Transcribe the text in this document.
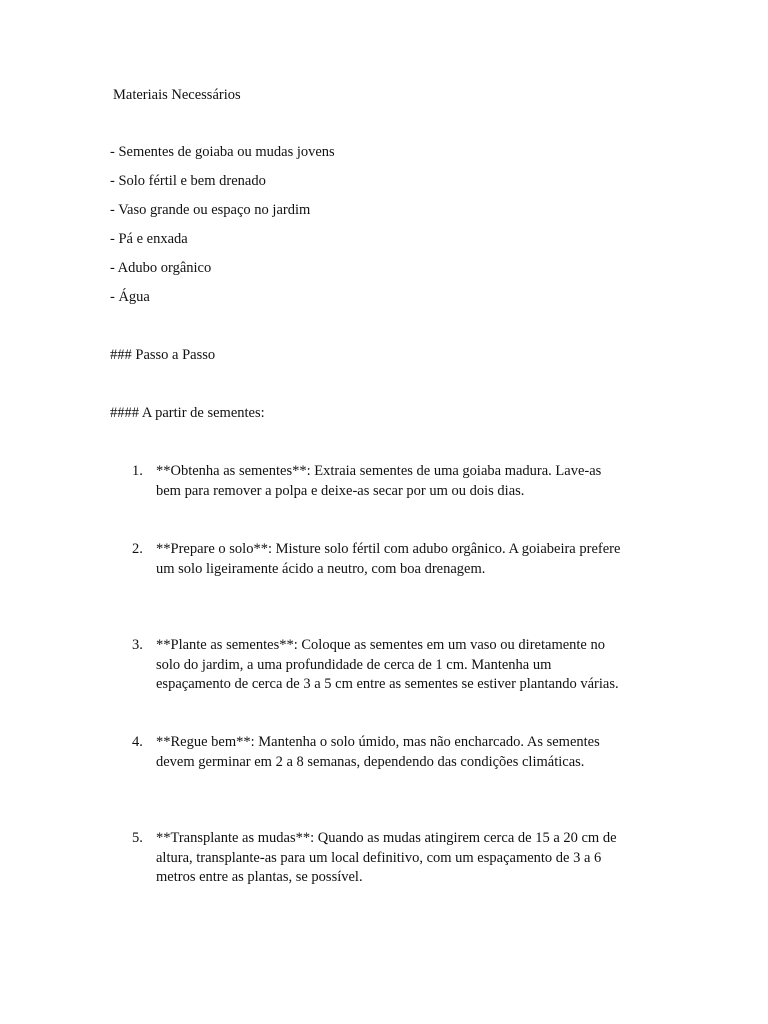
Materiais Necessários
- Sementes de goiaba ou mudas jovens
- Solo fértil e bem drenado
- Vaso grande ou espaço no jardim
- Pá e enxada
- Adubo orgânico
- Água
### Passo a Passo
#### A partir de sementes:
1. **Obtenha as sementes**: Extraia sementes de uma goiaba madura. Lave-as
bem para remover a polpa e deixe-as secar por um ou dois dias.
2. **Prepare o solo**: Misture solo fértil com adubo orgânico. A goiabeira prefere
um solo ligeiramente ácido a neutro, com boa drenagem.
3. **Plante as sementes**: Coloque as sementes em um vaso ou diretamente no
solo do jardim, a uma profundidade de cerca de 1 cm. Mantenha um
espaçamento de cerca de 3 a 5 cm entre as sementes se estiver plantando várias.
4. **Regue bem**: Mantenha o solo úmido, mas não encharcado. As sementes
devem germinar em 2 a 8 semanas, dependendo das condições climáticas.
5. **Transplante as mudas**: Quando as mudas atingirem cerca de 15 a 20 cm de
altura, transplante-as para um local definitivo, com um espaçamento de 3 a 6
metros entre as plantas, se possível.
